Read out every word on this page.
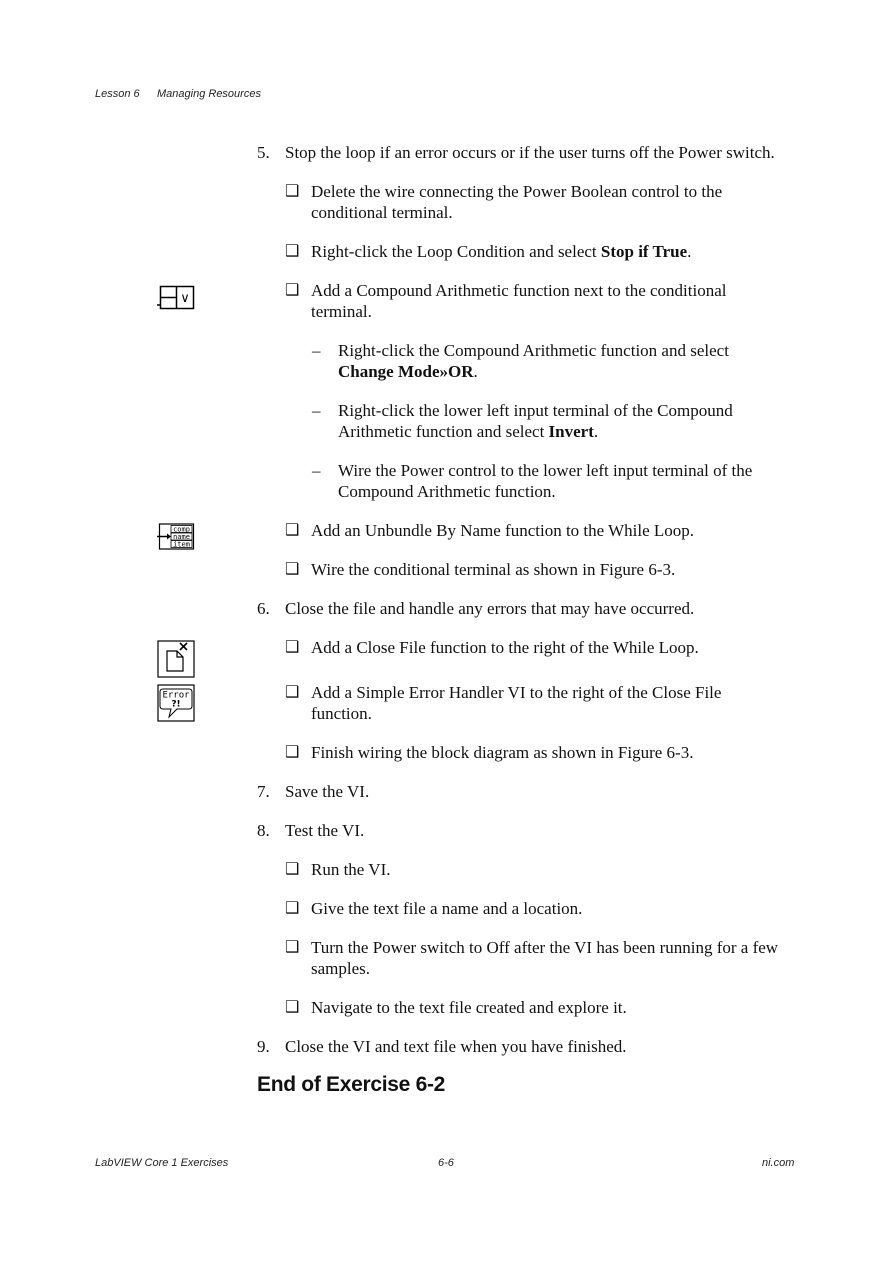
Lesson 6 Managing Resources
5. Stop the loop if an error occurs or if the user turns off the Power switch.
❑ Delete the wire connecting the Power Boolean control to the
conditional terminal.
❑ Right-click the Loop Condition and select Stop if True.
∨	❑ Add a Compound Arithmetic function next to the conditional
terminal.
– Right-click the Compound Arithmetic function and select
Change Mode»OR.
– Right-click the lower left input terminal of the Compound
Arithmetic function and select Invert.
– Wire the Power control to the lower left input terminal of the
Compound Arithmetic function.
comp
name
item
❑ Add an Unbundle By Name function to the While Loop.
❑ Wire the conditional terminal as shown in Figure 6-3.
6. Close the file and handle any errors that may have occurred.
❑ Add a Close File function to the right of the While Loop.
Error
?!
❑ Add a Simple Error Handler VI to the right of the Close File
function.
❑ Finish wiring the block diagram as shown in Figure 6-3.
7. Save the VI.
8. Test the VI.
❑ Run the VI.
❑ Give the text file a name and a location.
❑ Turn the Power switch to Off after the VI has been running for a few
samples.
❑ Navigate to the text file created and explore it.
9. Close the VI and text file when you have finished.
End of Exercise 6-2
LabVIEW Core 1 Exercises	6-6	ni.com
